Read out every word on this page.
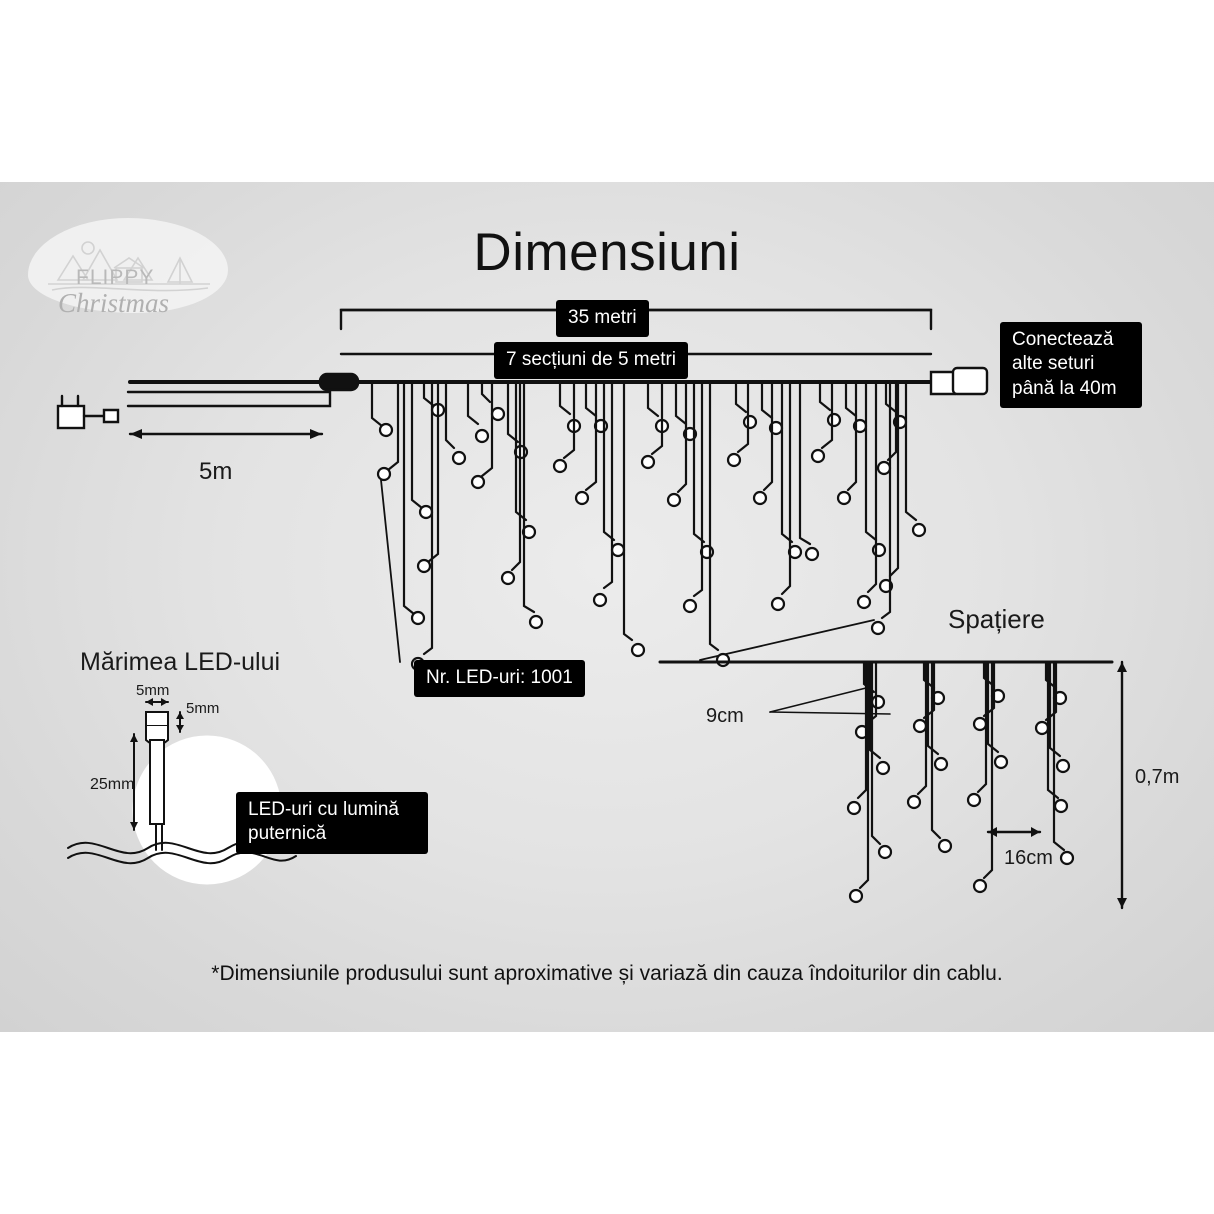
FLIPPY
Christmas
Dimensiuni
35 metri
7 secțiuni de 5 metri
5m
Nr. LED-uri: 1001
Conectează
alte seturi
până la 40m
Mărimea LED-ului
5mm
5mm
25mm
LED-uri cu lumină
puternică
Spațiere
9cm
16cm
0,7m
*Dimensiunile produsului sunt aproximative și variază din cauza îndoiturilor din cablu.
